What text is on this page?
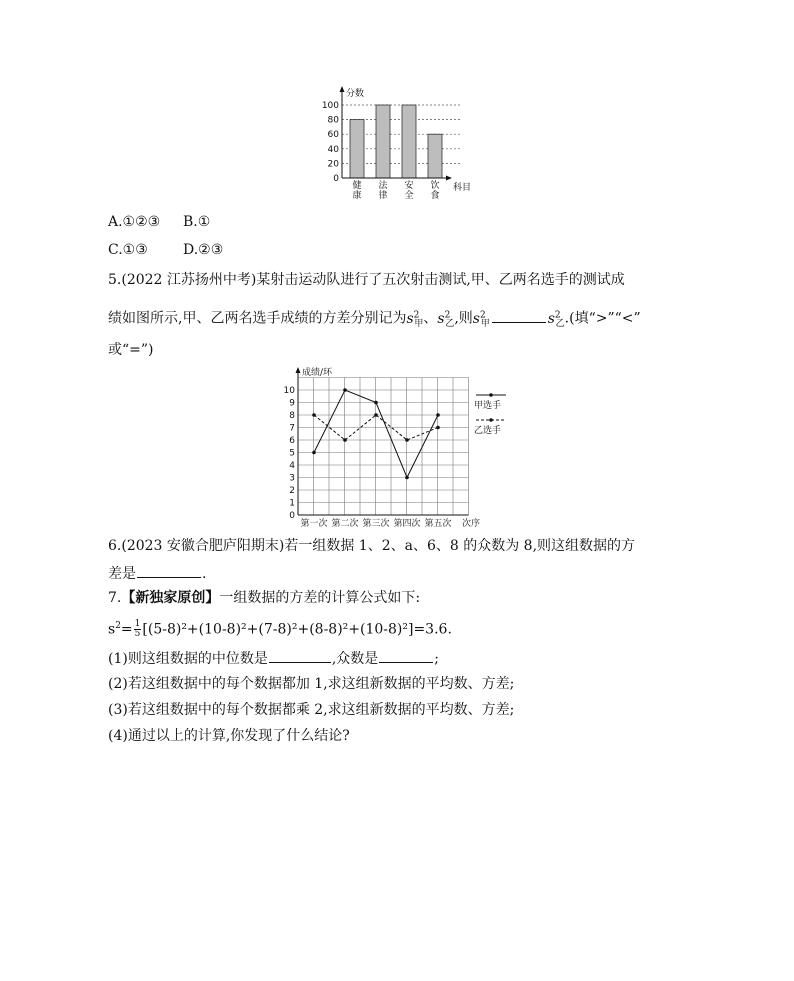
0
20
40
60
80
100
健
康
法
律
安
全
饮
食
分数
科目
A.①②③ B.①
C.①③	D.②③
5.(2022 江苏扬州中考)某射击运动队进行了五次射击测试,甲、乙两名选手的测试成
绩如图所示,甲、乙两名选手成绩的方差分别记为$s^2_甲$、$s^2_乙$,则$s^2_甲$	$s^2_乙$.(填“>”“<”
或“=”)
0
1
2
3
4
5
6
7
8
9
10
第一次 第二次 第三次 第四次 第五次
甲选手
乙选手
成绩/环
次序
6.(2023 安徽合肥庐阳期末)若一组数据 1、2、a、6、8 的众数为 8,则这组数据的方
差是	.
7.【新独家原创】一组数据的方差的计算公式如下:
$s^2= \frac{1}{5} [(5-8)^2+(10-8)^2+(7-8)^2+(8-8)^2+(10-8)^2]=3.6$.
(1)则这组数据的中位数是	,众数是	;
(2)若这组数据中的每个数据都加 1,求这组新数据的平均数、方差;
(3)若这组数据中的每个数据都乘 2,求这组新数据的平均数、方差;
(4)通过以上的计算,你发现了什么结论?
